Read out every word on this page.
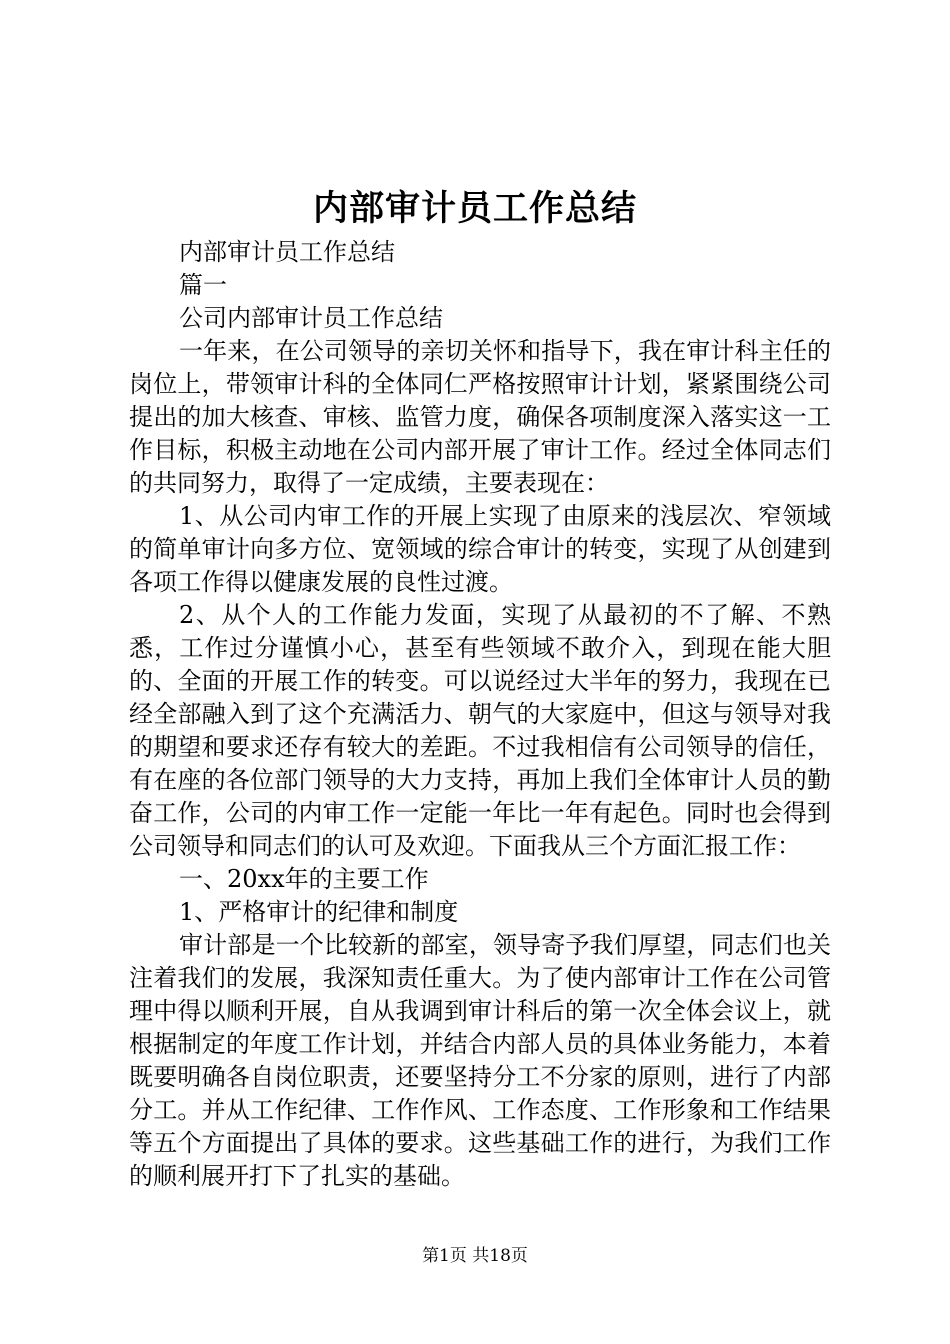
内部审计员工作总结

内部审计员工作总结

篇一

公司内部审计员工作总结

一年来，在公司领导的亲切关怀和指导下，我在审计科主任的岗位上，带领审计科的全体同仁严格按照审计计划，紧紧围绕公司提出的加大核查、审核、监管力度，确保各项制度深入落实这一工作目标，积极主动地在公司内部开展了审计工作。经过全体同志们的共同努力，取得了一定成绩，主要表现在：

1、从公司内审工作的开展上实现了由原来的浅层次、窄领域的简单审计向多方位、宽领域的综合审计的转变，实现了从创建到各项工作得以健康发展的良性过渡。

2、从个人的工作能力发面，实现了从最初的不了解、不熟悉，工作过分谨慎小心，甚至有些领域不敢介入，到现在能大胆的、全面的开展工作的转变。可以说经过大半年的努力，我现在已经全部融入到了这个充满活力、朝气的大家庭中，但这与领导对我的期望和要求还存有较大的差距。不过我相信有公司领导的信任，有在座的各位部门领导的大力支持，再加上我们全体审计人员的勤奋工作，公司的内审工作一定能一年比一年有起色。同时也会得到公司领导和同志们的认可及欢迎。下面我从三个方面汇报工作：

一、20xx年的主要工作

1、严格审计的纪律和制度

审计部是一个比较新的部室，领导寄予我们厚望，同志们也关注着我们的发展，我深知责任重大。为了使内部审计工作在公司管理中得以顺利开展，自从我调到审计科后的第一次全体会议上，就根据制定的年度工作计划，并结合内部人员的具体业务能力，本着既要明确各自岗位职责，还要坚持分工不分家的原则，进行了内部分工。并从工作纪律、工作作风、工作态度、工作形象和工作结果等五个方面提出了具体的要求。这些基础工作的进行，为我们工作的顺利展开打下了扎实的基础。

第1页 共18页
